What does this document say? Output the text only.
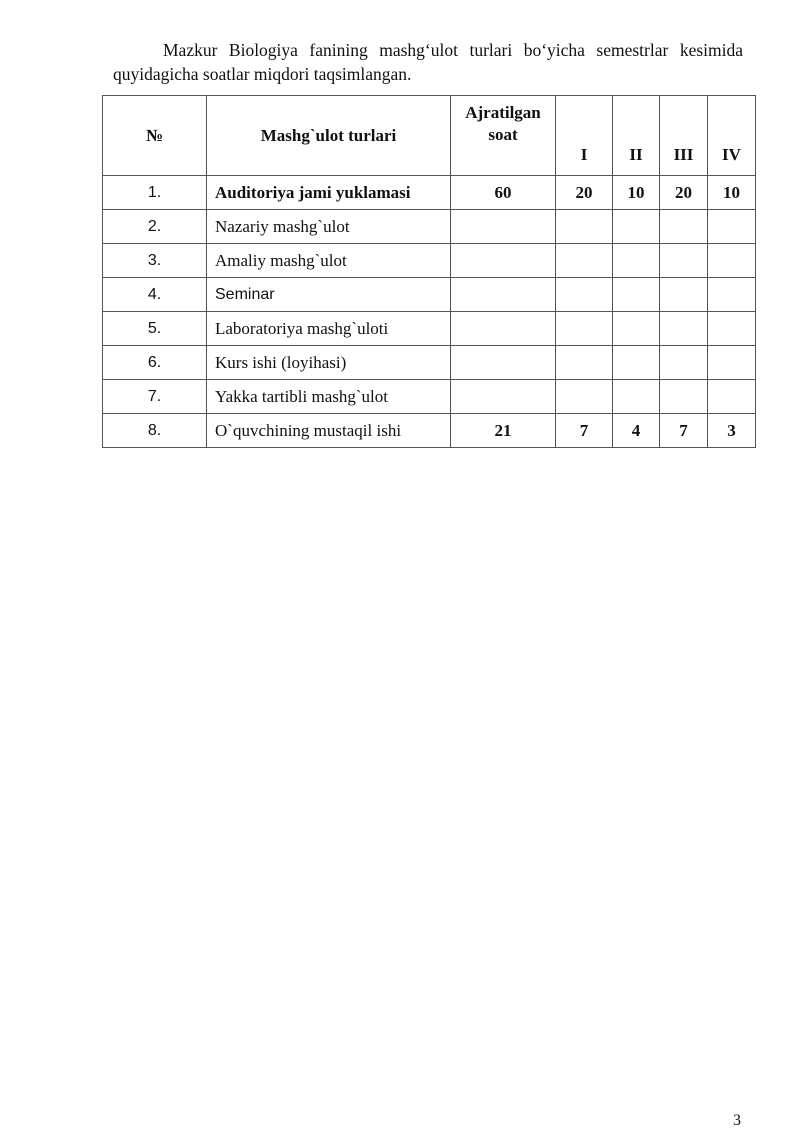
Mazkur Biologiya fanining mashg‘ulot turlari bo‘yicha semestrlar kesimida
quyidagicha soatlar miqdori taqsimlangan.

№	Mashg`ulot turlari	Ajratilgan
soat	I	II	III	IV
1.	Auditoriya jami yuklamasi	60	20	10	20	10
2.	Nazariy mashg`ulot					
3.	Amaliy mashg`ulot					
4.	Seminar					
5.	Laboratoriya mashg`uloti					
6.	Kurs ishi (loyihasi)					
7.	Yakka tartibli mashg`ulot					
8.	O`quvchining mustaqil ishi	21	7	4	7	3
3
